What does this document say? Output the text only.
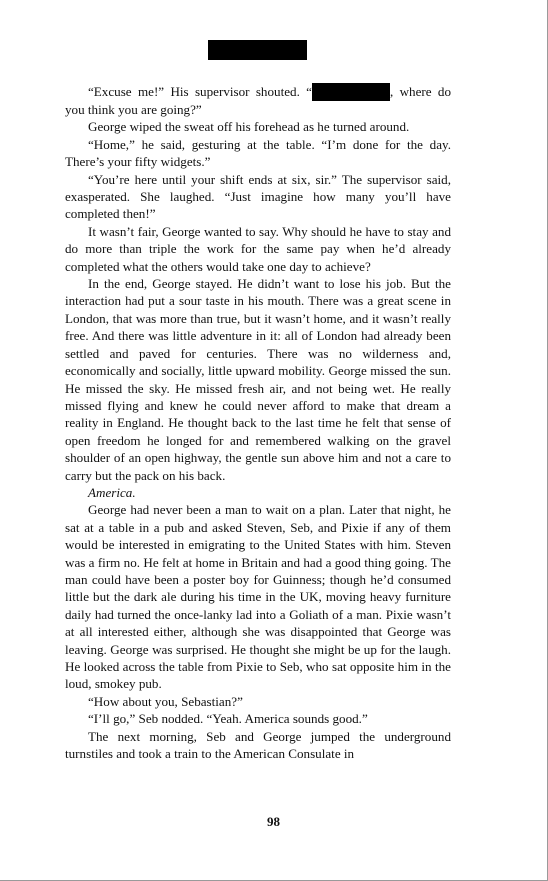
“Excuse me!” His supervisor shouted. “	, where do you think you are going?”

George wiped the sweat off his forehead as he turned around.

“Home,” he said, gesturing at the table. “I’m done for the day. There’s your fifty widgets.”

“You’re here until your shift ends at six, sir.” The supervisor said, exasperated. She laughed. “Just imagine how many you’ll have completed then!”

It wasn’t fair, George wanted to say. Why should he have to stay and do more than triple the work for the same pay when he’d already completed what the others would take one day to achieve?

In the end, George stayed. He didn’t want to lose his job. But the interaction had put a sour taste in his mouth. There was a great scene in London, that was more than true, but it wasn’t home, and it wasn’t really free. And there was little adventure in it: all of London had already been settled and paved for centuries. There was no wilderness and, economically and socially, little upward mobility. George missed the sun. He missed the sky. He missed fresh air, and not being wet. He really missed flying and knew he could never afford to make that dream a reality in England. He thought back to the last time he felt that sense of open freedom he longed for and remembered walking on the gravel shoulder of an open highway, the gentle sun above him and not a care to carry but the pack on his back.

America.

George had never been a man to wait on a plan. Later that night, he sat at a table in a pub and asked Steven, Seb, and Pixie if any of them would be interested in emigrating to the United States with him. Steven was a firm no. He felt at home in Britain and had a good thing going. The man could have been a poster boy for Guinness; though he’d consumed little but the dark ale during his time in the UK, moving heavy furniture daily had turned the once-lanky lad into a Goliath of a man. Pixie wasn’t at all interested either, although she was disappointed that George was leaving. George was surprised. He thought she might be up for the laugh. He looked across the table from Pixie to Seb, who sat opposite him in the loud, smokey pub.

“How about you, Sebastian?”

“I’ll go,” Seb nodded. “Yeah. America sounds good.”

The next morning, Seb and George jumped the underground turnstiles and took a train to the American Consulate in

98
